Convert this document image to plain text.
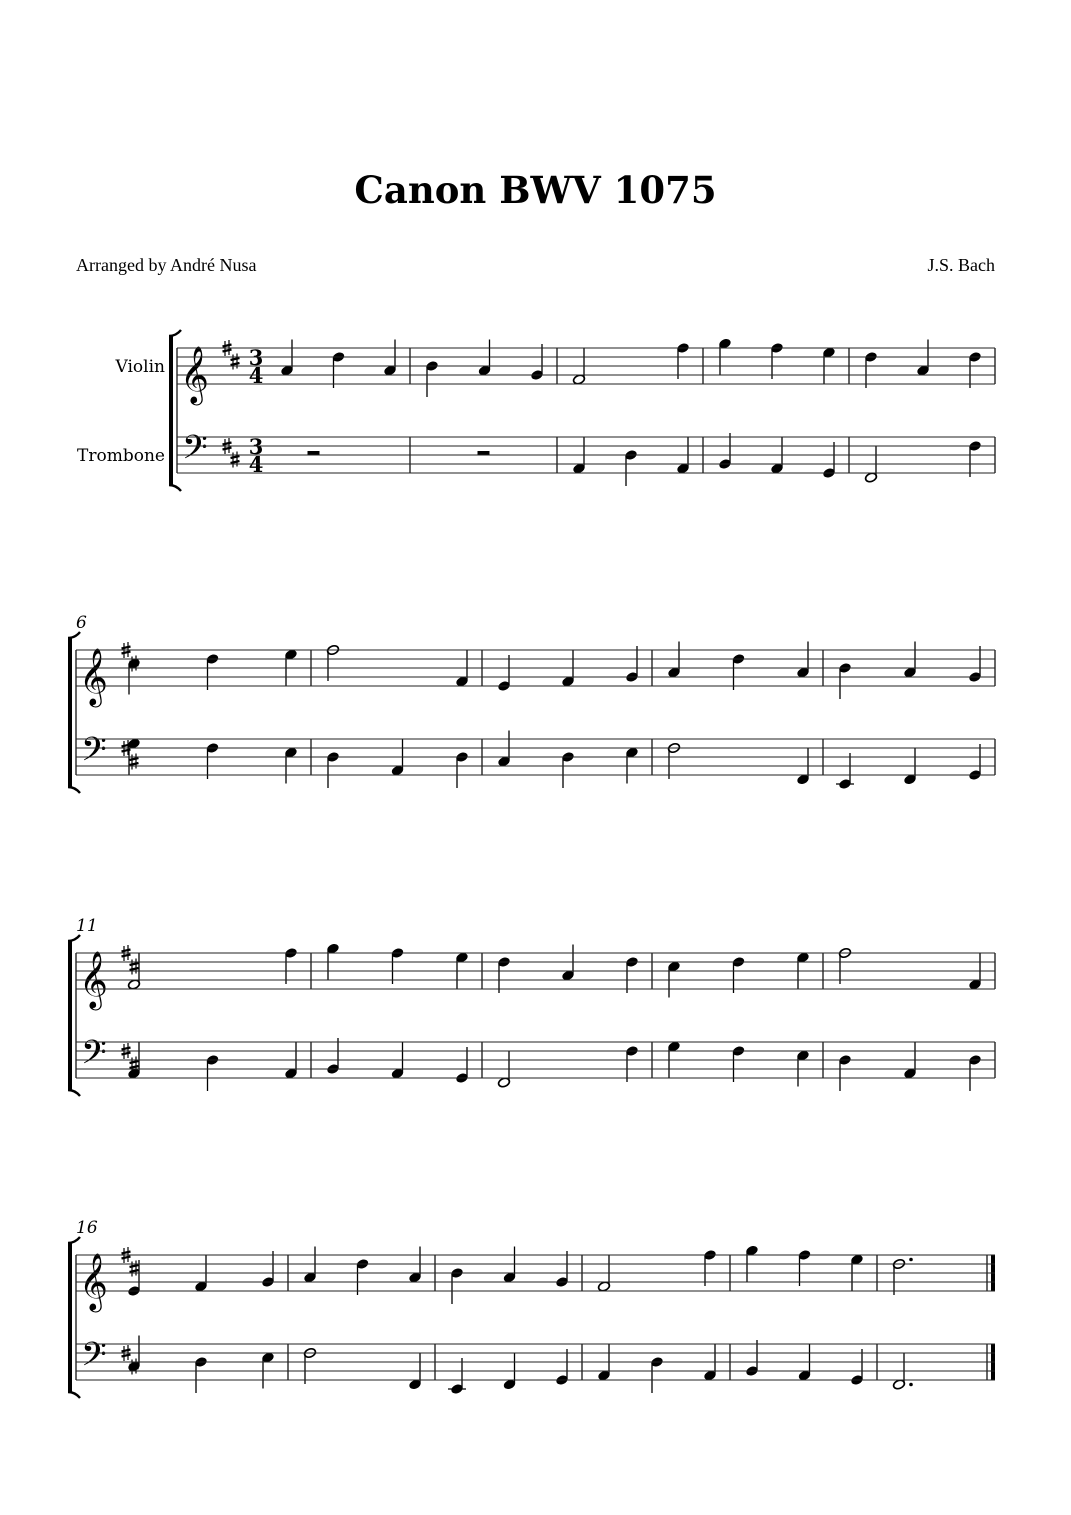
Canon BWV 1075

Arranged by André Nusa	J.S. Bach

Violin
Trombone
𝄞
𝄢
3
4
3
4
6
𝄞
𝄢
11
𝄞
𝄢
16
𝄞
𝄢
